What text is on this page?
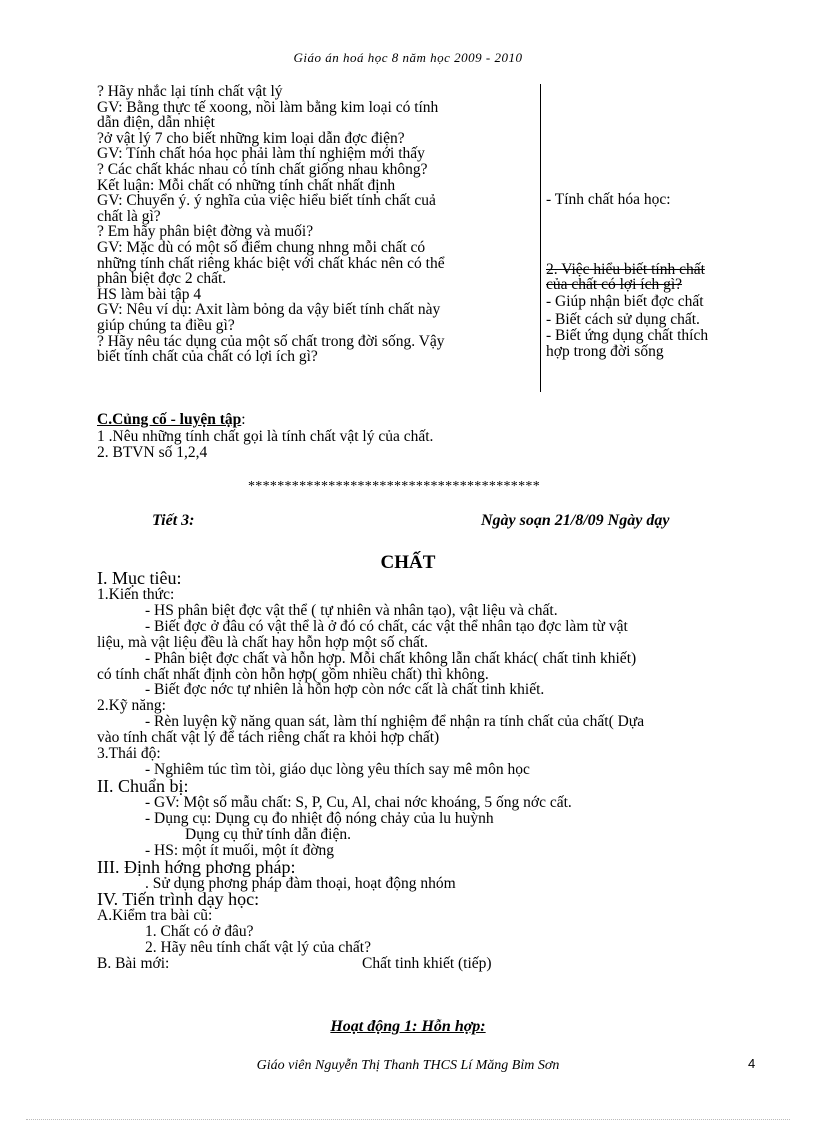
Giáo án hoá học 8 năm học 2009 - 2010
? Hãy nhắc lại tính chất vật lý
GV: Bằng thực tế xoong, nồi làm bằng kim loại có tính
dẫn điện, dẫn nhiệt
?ở vật lý 7 cho biết những kim loại dẫn đợc điện?
GV: Tính chất hóa học phải làm thí nghiệm mới thấy
? Các chất khác nhau có tính chất giống nhau không?
Kết luận: Mỗi chất có những tính chất nhất định
GV: Chuyển ý. ý nghĩa của việc hiểu biết tính chất cuả
chất là gì?
? Em hãy phân biệt đờng và muối?
GV: Mặc dù có một số điểm chung nhng mỗi chất có
những tính chất riêng khác biệt với chất khác nên có thể
phân biệt đợc 2 chất.
HS làm bài tập 4
GV: Nêu ví dụ: Axit làm bỏng da vậy biết tính chất này
giúp chúng ta điều gì?
? Hãy nêu tác dụng của một số chất trong đời sống. Vậy
biết tính chất của chất có lợi ích gì?
- Tính chất hóa học:
2. Việc hiểu biết tính chất
của chất có lợi ích gì?
- Giúp nhận biết đợc chất
- Biết cách sử dụng chất.
- Biết ứng dụng chất thích
hợp trong đời sống
C.Củng cố - luyện tập:
1 .Nêu những tính chất gọi là tính chất vật lý của chất.
2. BTVN số 1,2,4
****************************************
Tiết 3:	Ngày soạn 21/8/09 Ngày dạy
CHẤT
I. Mục tiêu:
1.Kiến thức:
- HS phân biệt đợc vật thể ( tự nhiên và nhân tạo), vật liệu và chất.
- Biết đợc ở đâu có vật thể là ở đó có chất, các vật thể nhân tạo đợc làm từ vật
liệu, mà vật liệu đều là chất hay hỗn hợp một số chất.
- Phân biệt đợc chất và hỗn hợp. Mỗi chất không lẫn chất khác( chất tinh khiết)
có tính chất nhất định còn hỗn hợp( gồm nhiều chất) thì không.
- Biết đợc nớc tự nhiên là hỗn hợp còn nớc cất là chất tinh khiết.
2.Kỹ năng:
- Rèn luyện kỹ năng quan sát, làm thí nghiệm để nhận ra tính chất của chất( Dựa
vào tính chất vật lý để tách riêng chất ra khỏi hợp chất)
3.Thái độ:
- Nghiêm túc tìm tòi, giáo dục lòng yêu thích say mê môn học
II. Chuẩn bị:
- GV: Một số mẫu chất: S, P, Cu, Al, chai nớc khoáng, 5 ống nớc cất.
- Dụng cụ: Dụng cụ đo nhiệt độ nóng chảy của lu huỳnh
Dụng cụ thử tính dẫn điện.
- HS: một ít muối, một ít đờng
III. Định hớng phơng pháp:
. Sử dụng phơng pháp đàm thoại, hoạt động nhóm
IV. Tiến trình dạy học:
A.Kiểm tra bài cũ:
1. Chất có ở đâu?
2. Hãy nêu tính chất vật lý của chất?
B. Bài mới:	Chất tinh khiết (tiếp)
Hoạt động 1: Hỗn hợp:
Giáo viên Nguyễn Thị Thanh THCS Lí Măng Bỉm Sơn	4
